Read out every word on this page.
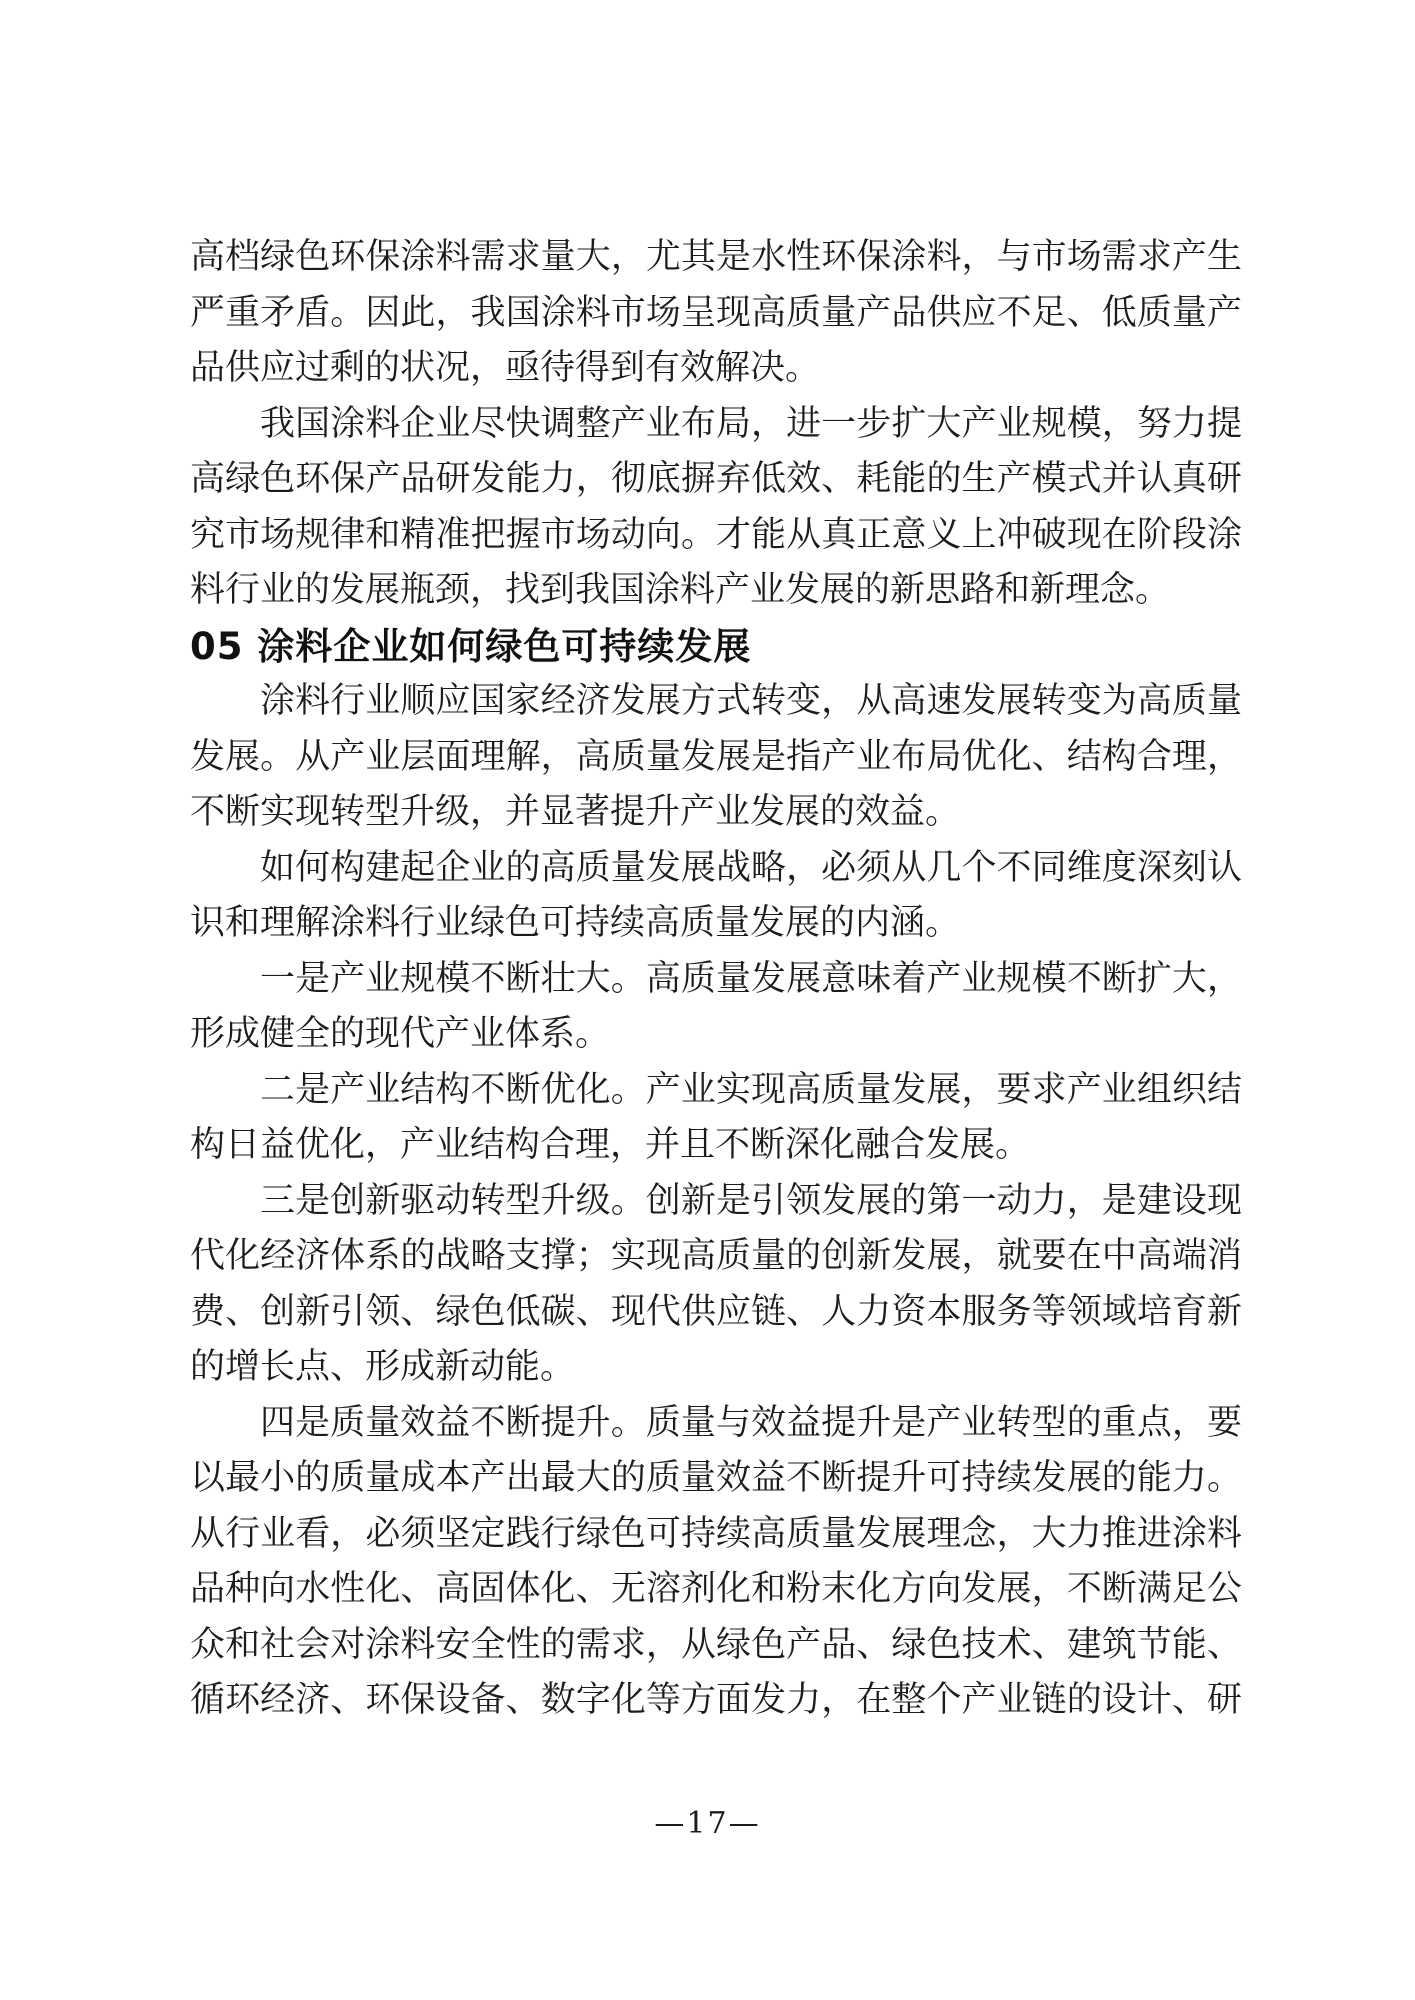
高档绿色环保涂料需求量大，尤其是水性环保涂料，与市场需求产生
严重矛盾。因此，我国涂料市场呈现高质量产品供应不足、低质量产
品供应过剩的状况，亟待得到有效解决。
我国涂料企业尽快调整产业布局，进一步扩大产业规模，努力提
高绿色环保产品研发能力，彻底摒弃低效、耗能的生产模式并认真研
究市场规律和精准把握市场动向。才能从真正意义上冲破现在阶段涂
料行业的发展瓶颈，找到我国涂料产业发展的新思路和新理念。
05 涂料企业如何绿色可持续发展
涂料行业顺应国家经济发展方式转变，从高速发展转变为高质量
发展。从产业层面理解，高质量发展是指产业布局优化、结构合理，
不断实现转型升级，并显著提升产业发展的效益。
如何构建起企业的高质量发展战略，必须从几个不同维度深刻认
识和理解涂料行业绿色可持续高质量发展的内涵。
一是产业规模不断壮大。高质量发展意味着产业规模不断扩大，
形成健全的现代产业体系。
二是产业结构不断优化。产业实现高质量发展，要求产业组织结
构日益优化，产业结构合理，并且不断深化融合发展。
三是创新驱动转型升级。创新是引领发展的第一动力，是建设现
代化经济体系的战略支撑；实现高质量的创新发展，就要在中高端消
费、创新引领、绿色低碳、现代供应链、人力资本服务等领域培育新
的增长点、形成新动能。
四是质量效益不断提升。质量与效益提升是产业转型的重点，要
以最小的质量成本产出最大的质量效益不断提升可持续发展的能力。
从行业看，必须坚定践行绿色可持续高质量发展理念，大力推进涂料
品种向水性化、高固体化、无溶剂化和粉末化方向发展，不断满足公
众和社会对涂料安全性的需求，从绿色产品、绿色技术、建筑节能、
循环经济、环保设备、数字化等方面发力，在整个产业链的设计、研
—17—
